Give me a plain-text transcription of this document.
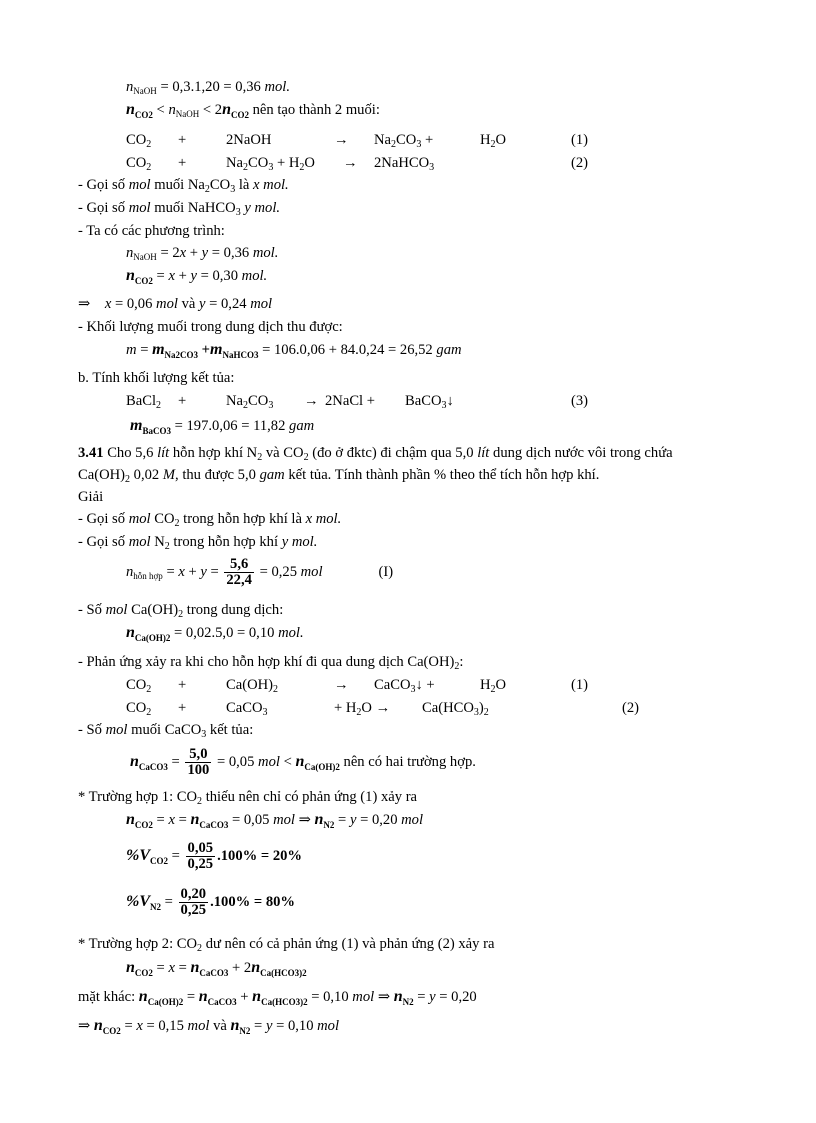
$n_{NaOH} = 0,3.1,20 = 0,36$ mol.
$n_{CO2} < n_{NaOH} < 2n_{CO2}$ nên tạo thành 2 muối:
$CO_2$ +	2NaOH	→ $Na_2CO_3$ +	$H_2O$	(1)
$CO_2$ +	$Na_2CO_3 + H_2O$ → 2NaHCO$_3$	(2)
- Gọi số mol muối $Na_2CO_3$ là x mol.
- Gọi số mol muối NaHCO$_3$ y mol.
- Ta có các phương trình:
$n_{NaOH} = 2x + y = 0,36$ mol.
$n_{CO2} = x + y = 0,30$ mol.
⇒ x = 0,06 mol và y = 0,24 mol
- Khối lượng muối trong dung dịch thu được:
$m = m_{Na2CO3} +m_{NaHCO3} = 106.0,06 + 84.0,24 = 26,52$ gam
b. Tính khối lượng kết tủa:
BaCl$_2$ +	$Na_2CO_3$ → 2NaCl + BaCO$_3$↓	(3)
$m_{BaCO3} = 197.0,06 = 11,82$ gam
3.41 Cho 5,6 lít hỗn hợp khí $N_2$ và $CO_2$ (đo ở đktc) đi chậm qua 5,0 lít dung dịch nước vôi trong chứa
$Ca(OH)_2$ 0,02 M, thu được 5,0 gam kết tủa. Tính thành phần % theo thể tích hỗn hợp khí.
Giải
- Gọi số mol $CO_2$ trong hỗn hợp khí là x mol.
- Gọi số mol $N_2$ trong hỗn hợp khí y mol.
$n_{hỗn hợp} = x + y = \frac{5,6}{22,4} = 0,25$ mol	(I)
- Số mol $Ca(OH)_2$ trong dung dịch:
$n_{Ca(OH)2} = 0,02.5,0 = 0,10$ mol.
- Phản ứng xảy ra khi cho hỗn hợp khí đi qua dung dịch $Ca(OH)_2$:
$CO_2$ +	$Ca(OH)_2$	→ CaCO$_3$↓ +	$H_2O$	(1)
$CO_2$ +	CaCO$_3$	+ $H_2O \to Ca(HCO_3)_2$	(2)
- Số mol muối CaCO$_3$ kết tủa:
$n_{CaCO3} = \frac{5,0}{100} = 0,05$ mol < $n_{Ca(OH)2}$ nên có hai trường hợp.
* Trường hợp 1: $CO_2$ thiếu nên chỉ có phản ứng (1) xảy ra
$n_{CO2} = x = n_{CaCO3} = 0,05$ mol ⇒ $n_{N2} = y = 0,20$ mol
$\%V_{CO2} = \frac{0,05}{0,25} .100\% = 20\%$
$\%V_{N2} = \frac{0,20}{0,25} .100\% = 80\%$
* Trường hợp 2: $CO_2$ dư nên có cả phản ứng (1) và phản ứng (2) xảy ra
$n_{CO2} = x = n_{CaCO3} + 2n_{Ca(HCO3)2}$
mặt khác: $n_{Ca(OH)2} = n_{CaCO3} + n_{Ca(HCO3)2} = 0,10$ mol ⇒ $n_{N2} = y = 0,20$
⇒ $n_{CO2} = x = 0,15$ mol và $n_{N2} = y = 0,10$ mol
